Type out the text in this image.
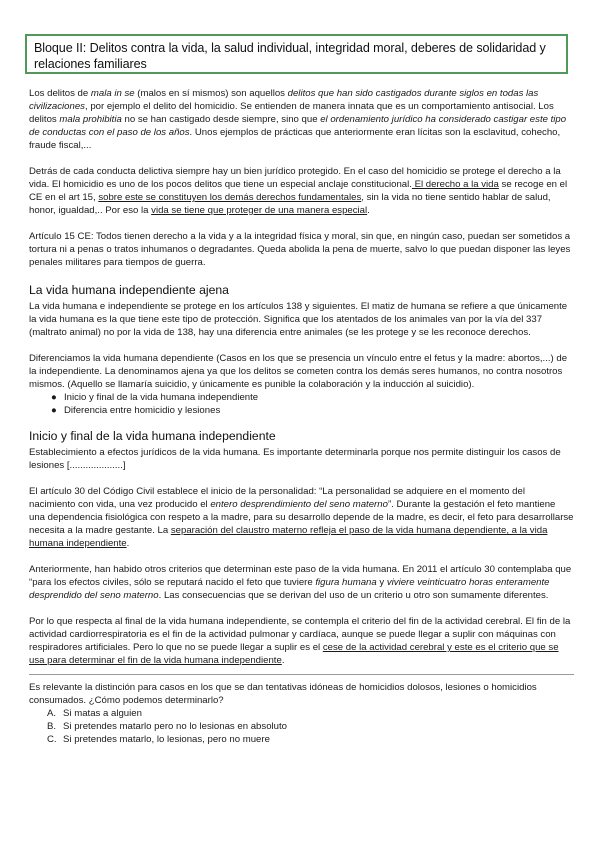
Bloque II: Delitos contra la vida, la salud individual, integridad moral, deberes de solidaridad y relaciones familiares

Los delitos de mala in se (malos en sí mismos) son aquellos delitos que han sido castigados durante siglos en todas las civilizaciones, por ejemplo el delito del homicidio. Se entienden de manera innata que es un comportamiento antisocial. Los delitos mala prohibitia no se han castigado desde siempre, sino que el ordenamiento jurídico ha considerado castigar este tipo de conductas con el paso de los años. Unos ejemplos de prácticas que anteriormente eran lícitas son la esclavitud, cohecho, fraude fiscal,...

Detrás de cada conducta delictiva siempre hay un bien jurídico protegido. En el caso del homicidio se protege el derecho a la vida. El homicidio es uno de los pocos delitos que tiene un especial anclaje constitucional. El derecho a la vida se recoge en el CE en el art 15, sobre este se constituyen los demás derechos fundamentales, sin la vida no tiene sentido hablar de salud, honor, igualdad,.. Por eso la vida se tiene que proteger de una manera especial.

Artículo 15 CE: Todos tienen derecho a la vida y a la integridad física y moral, sin que, en ningún caso, puedan ser sometidos a tortura ni a penas o tratos inhumanos o degradantes. Queda abolida la pena de muerte, salvo lo que puedan disponer las leyes penales militares para tiempos de guerra.

La vida humana independiente ajena

La vida humana e independiente se protege en los artículos 138 y siguientes. El matiz de humana se refiere a que únicamente la vida humana es la que tiene este tipo de protección. Significa que los atentados de los animales van por la vía del 337 (maltrato animal) no por la vida de 138, hay una diferencia entre animales (se les protege y se les reconoce derechos.

Diferenciamos la vida humana dependiente (Casos en los que se presencia un vínculo entre el fetus y la madre: abortos,...) de la independiente. La denominamos ajena ya que los delitos se cometen contra los demás seres humanos, no contra nosotros mismos. (Aquello se llamaría suicidio, y únicamente es punible la colaboración y la inducción al suicidio).

● Inicio y final de la vida humana independiente
● Diferencia entre homicidio y lesiones
Inicio y final de la vida humana independiente

Establecimiento a efectos jurídicos de la vida humana. Es importante determinarla porque nos permite distinguir los casos de lesiones [....................]

El artículo 30 del Código Civil establece el inicio de la personalidad: “La personalidad se adquiere en el momento del nacimiento con vida, una vez producido el entero desprendimiento del seno materno”. Durante la gestación el feto mantiene una dependencia fisiológica con respeto a la madre, para su desarrollo depende de la madre, es decir, el feto para desarrollarse necesita a la madre gestante. La separación del claustro materno refleja el paso de la vida humana dependiente, a la vida humana independiente.

Anteriormente, han habido otros criterios que determinan este paso de la vida humana. En 2011 el artículo 30 contemplaba que “para los efectos civiles, sólo se reputará nacido el feto que tuviere figura humana y viviere veinticuatro horas enteramente desprendido del seno materno. Las consecuencias que se derivan del uso de un criterio u otro son sumamente diferentes.

Por lo que respecta al final de la vida humana independiente, se contempla el criterio del fin de la actividad cerebral. El fin de la actividad cardiorrespiratoria es el fin de la actividad pulmonar y cardíaca, aunque se puede llegar a suplir con máquinas con respiradores artificiales. Pero lo que no se puede llegar a suplir es el cese de la actividad cerebral y este es el criterio que se usa para determinar el fin de la vida humana independiente.

Es relevante la distinción para casos en los que se dan tentativas idóneas de homicidios dolosos, lesiones o homicidios consumados. ¿Cómo podemos determinarlo?

A. Si matas a alguien
B. Si pretendes matarlo pero no lo lesionas en absoluto
C. Si pretendes matarlo, lo lesionas, pero no muere
